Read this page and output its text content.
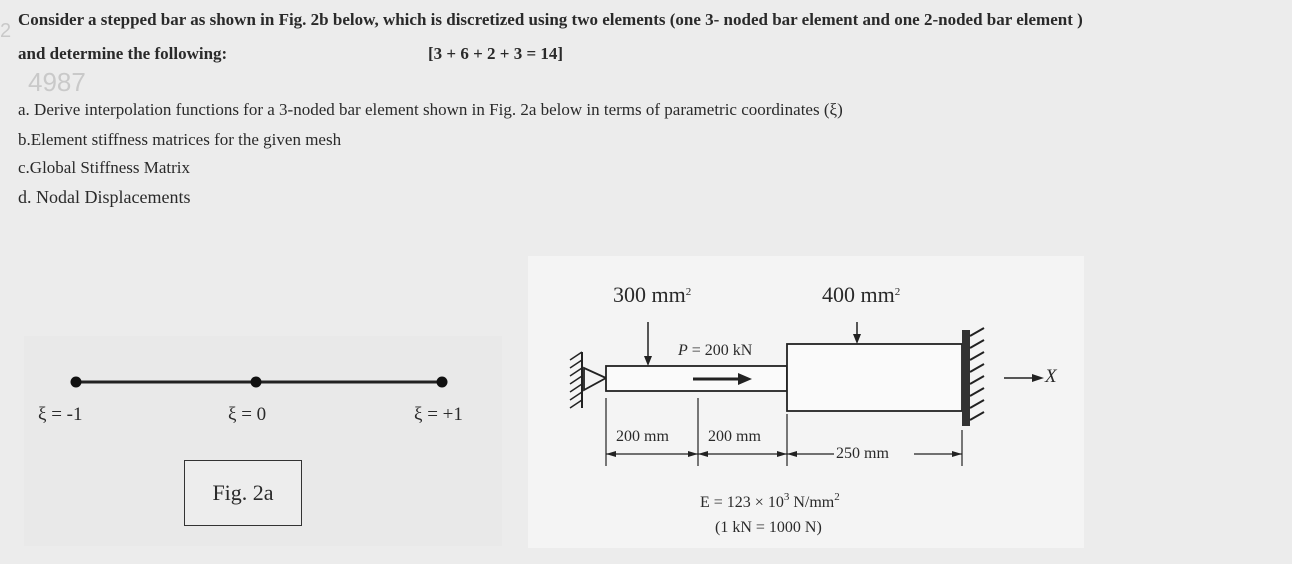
2
4987
Consider a stepped bar as shown in Fig. 2b below, which is discretized using two elements (one 3- noded bar element and one 2-noded bar element )
and determine the following:	[3 + 6 + 2 + 3 = 14]
a. Derive interpolation functions for a 3-noded bar element shown in Fig. 2a below in terms of parametric coordinates (ξ)
b.Element stiffness matrices for the given mesh
c.Global Stiffness Matrix
d. Nodal Displacements
ξ = -1	ξ = 0	ξ = +1
Fig. 2a
300 $mm^2$	400 $mm^2$
P = 200 kN
X
200 mm 200 mm
250 mm
$E = 123 \times 10^3$ $N/mm^2$
(1 kN = 1000 N)
